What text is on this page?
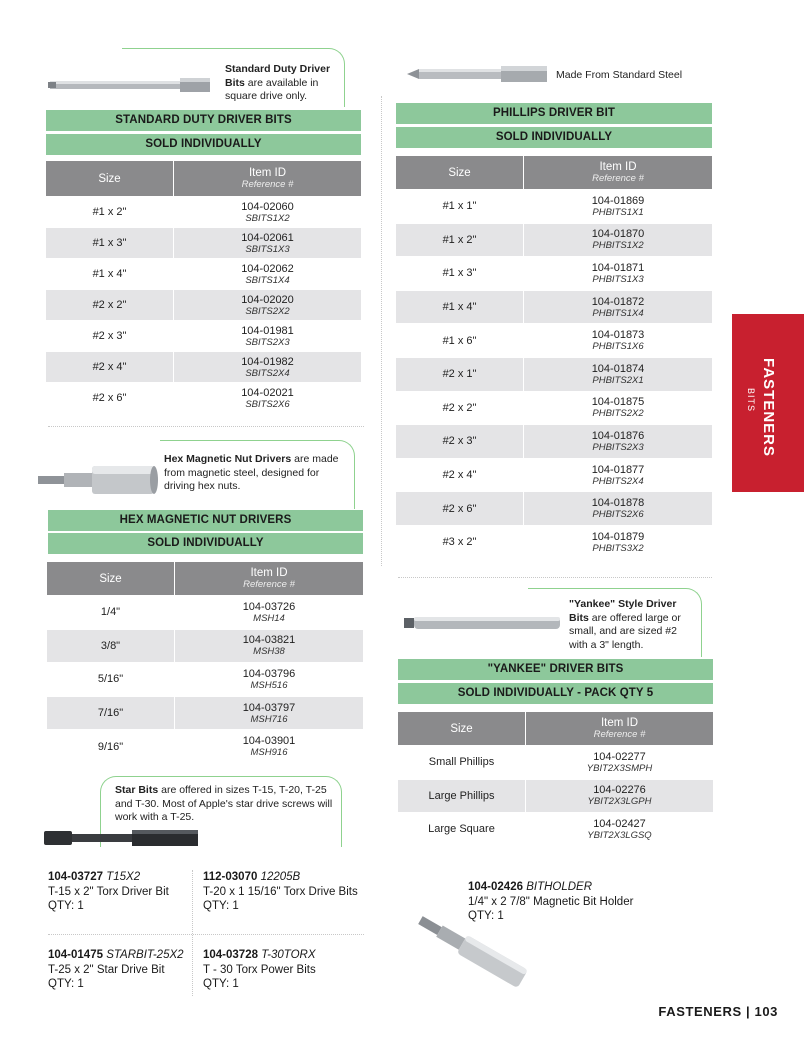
Standard Duty Driver Bits are available in square drive only.
STANDARD DUTY DRIVER BITS
SOLD INDIVIDUALLY
Size	Item ID
Reference #

#1 x 2"	104-02060
SBITS1X2

#1 x 3"	104-02061
SBITS1X3

#1 x 4"	104-02062
SBITS1X4

#2 x 2"	104-02020
SBITS2X2

#2 x 3"	104-01981
SBITS2X3

#2 x 4"	104-01982
SBITS2X4

#2 x 6"	104-02021
SBITS2X6
Made From Standard Steel
PHILLIPS DRIVER BIT
SOLD INDIVIDUALLY
Size	Item ID
Reference #

#1 x 1"	104-01869
PHBITS1X1

#1 x 2"	104-01870
PHBITS1X2

#1 x 3"	104-01871
PHBITS1X3

#1 x 4"	104-01872
PHBITS1X4

#1 x 6"	104-01873
PHBITS1X6

#2 x 1"	104-01874
PHBITS2X1

#2 x 2"	104-01875
PHBITS2X2

#2 x 3"	104-01876
PHBITS2X3

#2 x 4"	104-01877
PHBITS2X4

#2 x 6"	104-01878
PHBITS2X6

#3 x 2"	104-01879
PHBITS3X2
Hex Magnetic Nut Drivers are made from magnetic steel, designed for driving hex nuts.
HEX MAGNETIC NUT DRIVERS
SOLD INDIVIDUALLY
Size	Item ID
Reference #

1/4"	104-03726
MSH14

3/8"	104-03821
MSH38

5/16"	104-03796
MSH516

7/16"	104-03797
MSH716

9/16"	104-03901
MSH916
"Yankee" Style Driver Bits are offered large or small, and are sized #2 with a 3" length.
"YANKEE" DRIVER BITS
SOLD INDIVIDUALLY - PACK QTY 5
Size	Item ID
Reference #

Small Phillips	104-02277
YBIT2X3SMPH

Large Phillips	104-02276
YBIT2X3LGPH

Large Square	104-02427
YBIT2X3LGSQ
Star Bits are offered in sizes T-15, T-20, T-25 and T-30. Most of Apple's star drive screws will work with a T-25.
104-03727 T15X2
T-15 x 2" Torx Driver Bit
QTY: 1
112-03070 12205B
T-20 x 1 15/16" Torx Drive Bits
QTY: 1
104-01475 STARBIT-25X2
T-25 x 2" Star Drive Bit
QTY: 1
104-03728 T-30TORX
T - 30 Torx Power Bits
QTY: 1
104-02426 BITHOLDER
1/4" x 2 7/8" Magnetic Bit Holder
QTY: 1
FASTENERS
BITS
FASTENERS | 103
